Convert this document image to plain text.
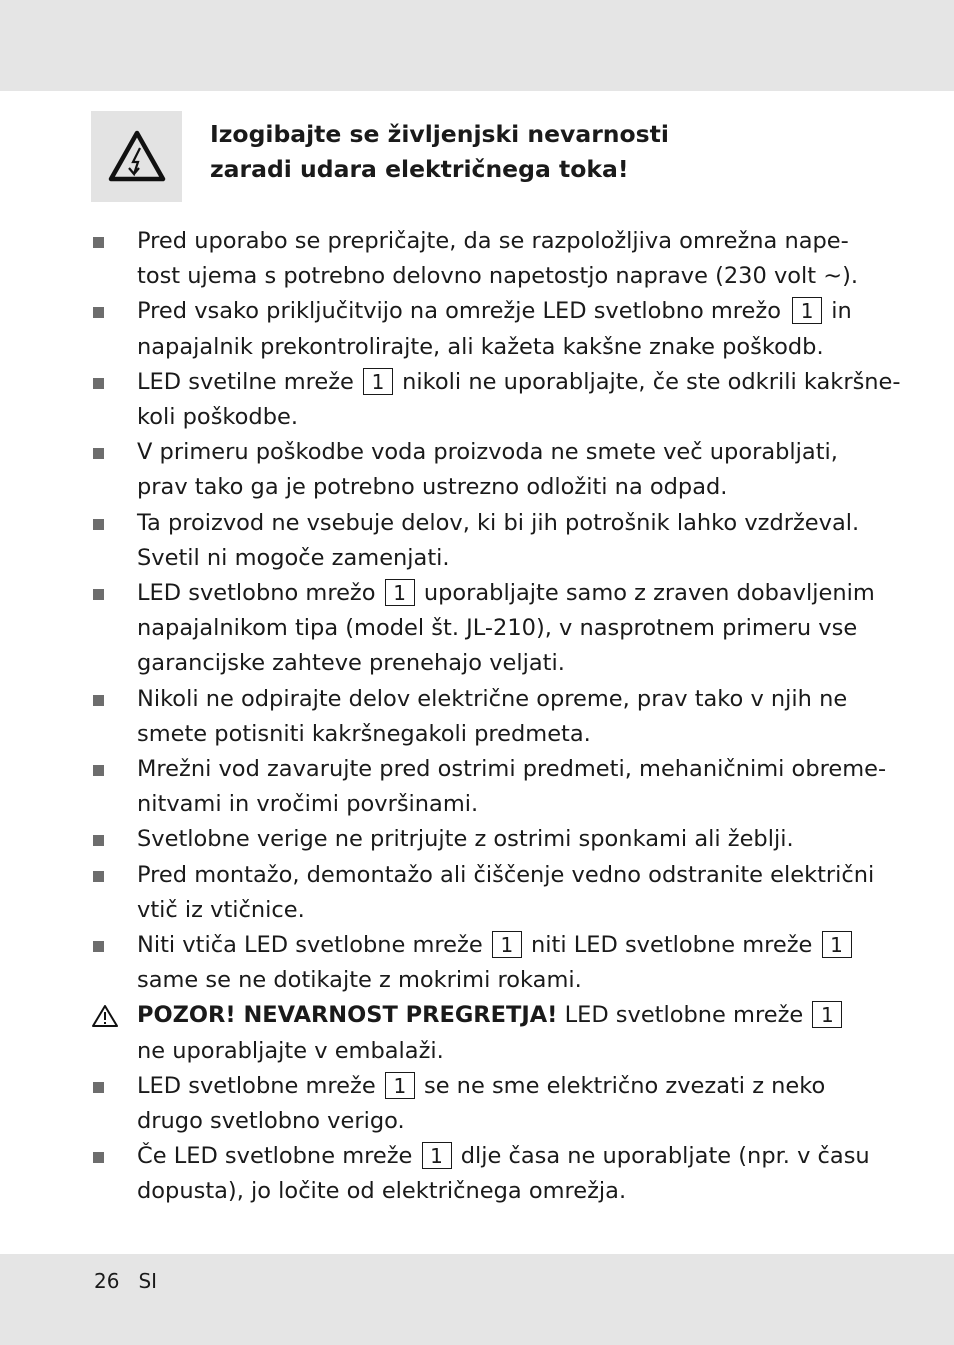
Izogibajte se življenjski nevarnosti
zaradi udara električnega toka!
Pred uporabo se prepričajte, da se razpoložljiva omrežna nape-
tost ujema s potrebno delovno napetostjo naprave (230 volt ~).
Pred vsako priključitvijo na omrežje LED svetlobno mrežo 1 in
napajalnik prekontrolirajte, ali kažeta kakšne znake poškodb.
LED svetilne mreže 1 nikoli ne uporabljajte, če ste odkrili kakršne-
koli poškodbe.
V primeru poškodbe voda proizvoda ne smete več uporabljati,
prav tako ga je potrebno ustrezno odložiti na odpad.
Ta proizvod ne vsebuje delov, ki bi jih potrošnik lahko vzdrževal.
Svetil ni mogoče zamenjati.
LED svetlobno mrežo 1 uporabljajte samo z zraven dobavljenim
napajalnikom tipa (model št. JL-210), v nasprotnem primeru vse
garancijske zahteve prenehajo veljati.
Nikoli ne odpirajte delov električne opreme, prav tako v njih ne
smete potisniti kakršnegakoli predmeta.
Mrežni vod zavarujte pred ostrimi predmeti, mehaničnimi obreme-
nitvami in vročimi površinami.
Svetlobne verige ne pritrjujte z ostrimi sponkami ali žeblji.
Pred montažo, demontažo ali čiščenje vedno odstranite električni
vtič iz vtičnice.
Niti vtiča LED svetlobne mreže 1 niti LED svetlobne mreže 1
same se ne dotikajte z mokrimi rokami.
POZOR! NEVARNOST PREGRETJA! LED svetlobne mreže 1
ne uporabljajte v embalaži.
LED svetlobne mreže 1 se ne sme električno zvezati z neko
drugo svetlobno verigo.
Če LED svetlobne mreže 1 dlje časa ne uporabljate (npr. v času
dopusta), jo ločite od električnega omrežja.
26 SI
